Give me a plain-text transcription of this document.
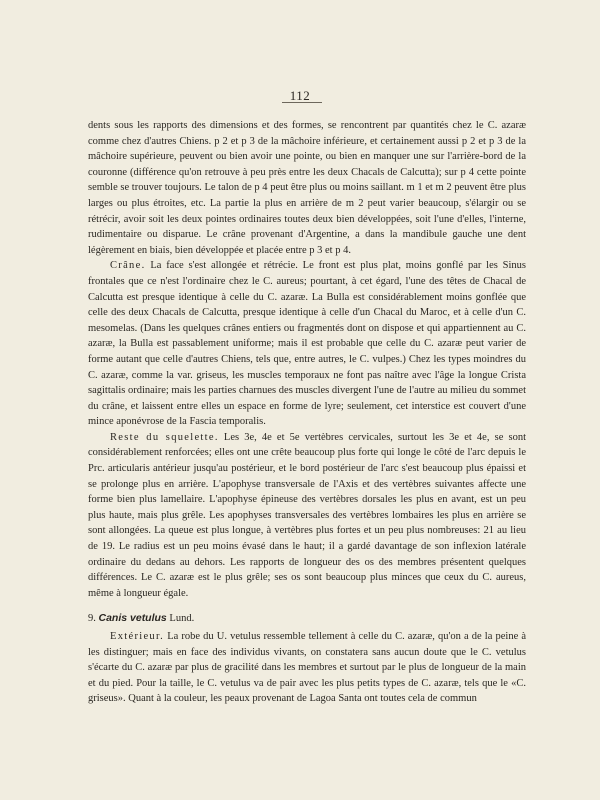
112

dents sous les rapports des dimensions et des formes, se rencontrent par quantités chez le C. azaræ comme chez d'autres Chiens. p 2 et p 3 de la mâchoire inférieure, et certainement aussi p 2 et p 3 de la mâchoire supérieure, peuvent ou bien avoir une pointe, ou bien en manquer une sur l'arrière-bord de la couronne (différence qu'on retrouve à peu près entre les deux Chacals de Calcutta); sur p 4 cette pointe semble se trouver toujours. Le talon de p 4 peut être plus ou moins saillant. m 1 et m 2 peuvent être plus larges ou plus étroites, etc. La partie la plus en arrière de m 2 peut varier beaucoup, s'élargir ou se rétrécir, avoir soit les deux pointes ordinaires toutes deux bien développées, soit l'une d'elles, l'interne, rudimentaire ou disparue. Le crâne provenant d'Argentine, a dans la mandibule gauche une dent légèrement en biais, bien développée et placée entre p 3 et p 4.

Crâne. La face s'est allongée et rétrécie. Le front est plus plat, moins gonflé par les Sinus frontales que ce n'est l'ordinaire chez le C. aureus; pourtant, à cet égard, l'une des têtes de Chacal de Calcutta est presque identique à celle du C. azaræ. La Bulla est considérablement moins gonflée que celle des deux Chacals de Calcutta, presque identique à celle d'un Chacal du Maroc, et à celle d'un C. mesomelas. (Dans les quelques crânes entiers ou fragmentés dont on dispose et qui appartiennent au C. azaræ, la Bulla est passablement uniforme; mais il est probable que celle du C. azaræ peut varier de forme autant que celle d'autres Chiens, tels que, entre autres, le C. vulpes.) Chez les types moindres du C. azaræ, comme la var. griseus, les muscles temporaux ne font pas naître avec l'âge la longue Crista sagittalis ordinaire; mais les parties charnues des muscles divergent l'une de l'autre au milieu du sommet du crâne, et laissent entre elles un espace en forme de lyre; seulement, cet interstice est couvert d'une mince aponévrose de la Fascia temporalis.

Reste du squelette. Les 3e, 4e et 5e vertèbres cervicales, surtout les 3e et 4e, se sont considérablement renforcées; elles ont une crête beaucoup plus forte qui longe le côté de l'arc depuis le Prc. articularis antérieur jusqu'au postérieur, et le bord postérieur de l'arc s'est beaucoup plus épaissi et se prolonge plus en arrière. L'apophyse transversale de l'Axis et des vertèbres suivantes affecte une forme bien plus lamellaire. L'apophyse épineuse des vertèbres dorsales les plus en avant, est un peu plus haute, mais plus grêle. Les apophyses transversales des vertèbres lombaires les plus en arrière se sont allongées. La queue est plus longue, à vertèbres plus fortes et un peu plus nombreuses: 21 au lieu de 19. Le radius est un peu moins évasé dans le haut; il a gardé davantage de son inflexion latérale ordinaire du dedans au dehors. Les rapports de longueur des os des membres présentent quelques différences. Le C. azaræ est le plus grêle; ses os sont beaucoup plus minces que ceux du C. aureus, même à longueur égale.

9. Canis vetulus Lund.

Extérieur. La robe du U. vetulus ressemble tellement à celle du C. azaræ, qu'on a de la peine à les distinguer; mais en face des individus vivants, on constatera sans aucun doute que le C. vetulus s'écarte du C. azaræ par plus de gracilité dans les membres et surtout par le plus de longueur de la main et du pied. Pour la taille, le C. vetulus va de pair avec les plus petits types de C. azaræ, tels que le «C. griseus». Quant à la couleur, les peaux provenant de Lagoa Santa ont toutes cela de commun
